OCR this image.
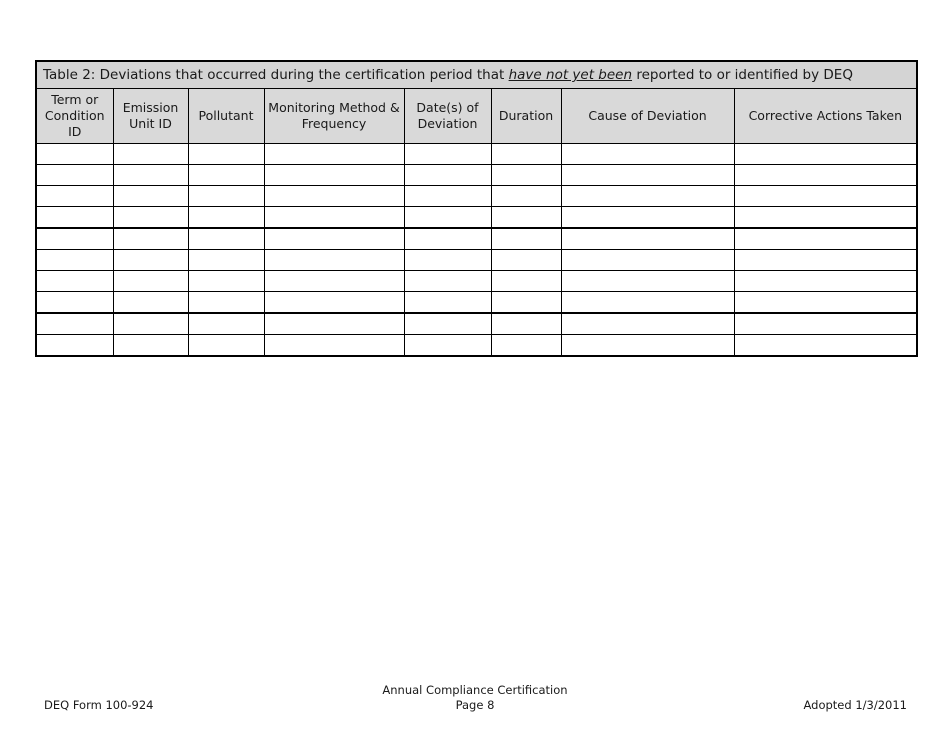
Table 2: Deviations that occurred during the certification period that have not yet been reported to or identified by DEQ							
Term or Condition ID	Emission Unit ID	Pollutant	Monitoring Method & Frequency	Date(s) of Deviation	Duration	Cause of Deviation	Corrective Actions Taken

DEQ Form 100-924
Annual Compliance Certification
Page 8	Adopted 1/3/2011
